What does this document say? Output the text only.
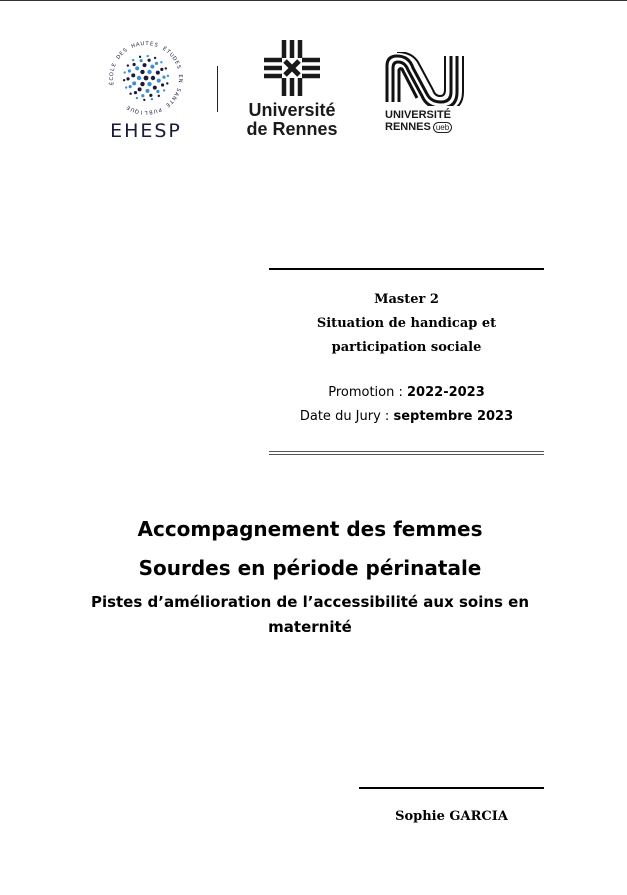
É
C
O
L
E
D
E
S
H A U T E S
É
T
U
D
E
S
E
N
S
A
N
T
É
P
U
B
L
I
Q
U
E
EHESP
Université
de Rennes
UNIVERSITÉ
RENNES ueb
Master 2
Situation de handicap et
participation sociale
Promotion : 2022-2023
Date du Jury : septembre 2023
Accompagnement des femmes
Sourdes en période périnatale
Pistes d’amélioration de l’accessibilité aux soins en
maternité
Sophie GARCIA
